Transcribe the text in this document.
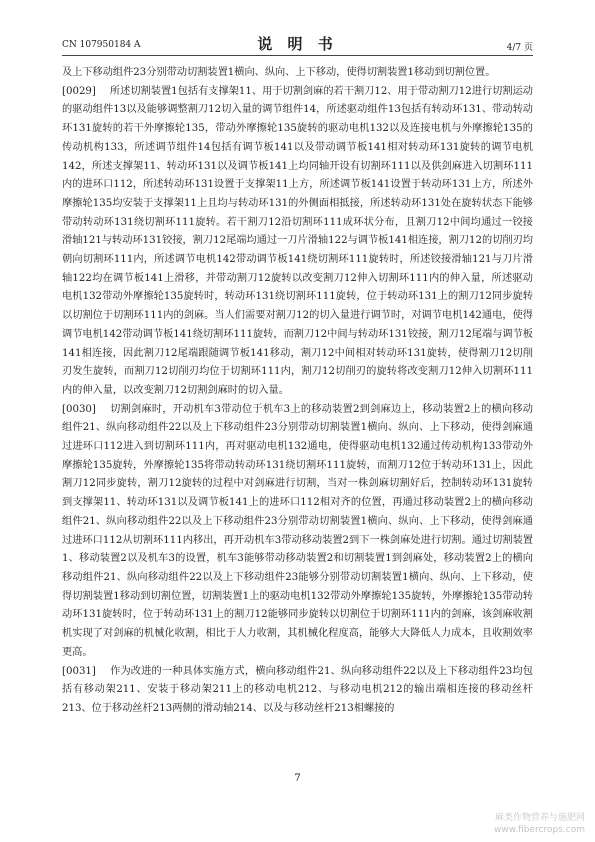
CN 107950184 A	说 明 书	4/7 页

及上下移动组件23分别带动切割装置1横向、纵向、上下移动，使得切割装置1移动到切割位置。

[0029] 所述切割装置1包括有支撑架11、用于切割剑麻的若干割刀12、用于带动割刀12进行切割运动的驱动组件13以及能够调整割刀12切入量的调节组件14，所述驱动组件13包括有转动环131、带动转动环131旋转的若干外摩擦轮135，带动外摩擦轮135旋转的驱动电机132以及连接电机与外摩擦轮135的传动机构133，所述调节组件14包括有调节板141以及带动调节板141相对转动环131旋转的调节电机142，所述支撑架11、转动环131以及调节板141上均同轴开设有切割环111以及供剑麻进入切割环111内的进环口112，所述转动环131设置于支撑架11上方，所述调节板141设置于转动环131上方，所述外摩擦轮135均安装于支撑架11上且均与转动环131的外侧面相抵接，所述转动环131处在旋转状态下能够带动转动环131绕切割环111旋转。若干割刀12沿切割环111成环状分布，且割刀12中间均通过一铰接滑轴121与转动环131铰接，割刀12尾端均通过一刀片滑轴122与调节板141相连接，割刀12的切削刃均朝向切割环111内，所述调节电机142带动调节板141绕切割环111旋转时，所述铰接滑轴121与刀片滑轴122均在调节板141上滑移，并带动割刀12旋转以改变割刀12伸入切割环111内的伸入量，所述驱动电机132带动外摩擦轮135旋转时，转动环131绕切割环111旋转，位于转动环131上的割刀12同步旋转以切割位于切割环111内的剑麻。当人们需要对割刀12的切入量进行调节时，对调节电机142通电，使得调节电机142带动调节板141绕切割环111旋转，而割刀12中间与转动环131铰接，割刀12尾端与调节板141相连接，因此割刀12尾端跟随调节板141移动，割刀12中间相对转动环131旋转，使得割刀12切削刃发生旋转，而割刀12切削刃均位于切割环111内，割刀12切削刃的旋转将改变割刀12伸入切割环111内的伸入量，以改变割刀12切割剑麻时的切入量。

[0030] 切割剑麻时，开动机车3带动位于机车3上的移动装置2到剑麻边上，移动装置2上的横向移动组件21、纵向移动组件22以及上下移动组件23分别带动切割装置1横向、纵向、上下移动，使得剑麻通过进环口112进入到切割环111内，再对驱动电机132通电，使得驱动电机132通过传动机构133带动外摩擦轮135旋转，外摩擦轮135将带动转动环131绕切割环111旋转，而割刀12位于转动环131上，因此割刀12同步旋转，割刀12旋转的过程中对剑麻进行切割，当对一株剑麻切割好后，控制转动环131旋转到支撑架11、转动环131以及调节板141上的进环口112相对齐的位置，再通过移动装置2上的横向移动组件21、纵向移动组件22以及上下移动组件23分别带动切割装置1横向、纵向、上下移动，使得剑麻通过进环口112从切割环111内移出，再开动机车3带动移动装置2到下一株剑麻处进行切割。通过切割装置1、移动装置2以及机车3的设置，机车3能够带动移动装置2和切割装置1到剑麻处，移动装置2上的横向移动组件21、纵向移动组件22以及上下移动组件23能够分别带动切割装置1横向、纵向、上下移动，使得切割装置1移动到切割位置，切割装置1上的驱动电机132带动外摩擦轮135旋转，外摩擦轮135带动转动环131旋转时，位于转动环131上的割刀12能够同步旋转以切割位于切割环111内的剑麻，该剑麻收割机实现了对剑麻的机械化收割，相比于人力收割，其机械化程度高，能够大大降低人力成本，且收割效率更高。

[0031] 作为改进的一种具体实施方式，横向移动组件21、纵向移动组件22以及上下移动组件23均包括有移动架211、安装于移动架211上的移动电机212、与移动电机212的输出端相连接的移动丝杆213、位于移动丝杆213两侧的滑动轴214、以及与移动丝杆213相螺接的

7
麻类作物营养与施肥网
www.fibercrops.com
